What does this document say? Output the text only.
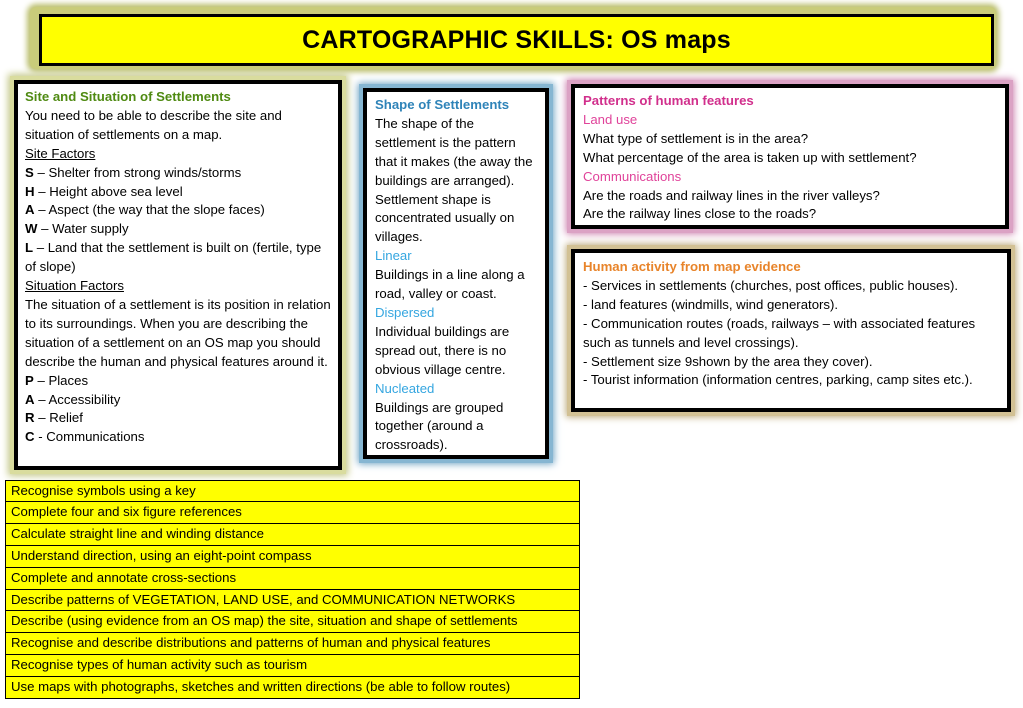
CARTOGRAPHIC SKILLS: OS maps

Site and Situation of Settlements

You need to be able to describe the site and situation of settlements on a map.

Site Factors

S – Shelter from strong winds/storms

H – Height above sea level

A – Aspect (the way that the slope faces)

W – Water supply

L – Land that the settlement is built on (fertile, type of slope)

Situation Factors

The situation of a settlement is its position in relation to its surroundings. When you are describing the situation of a settlement on an OS map you should describe the human and physical features around it.

P – Places

A – Accessibility

R – Relief

C - Communications

Shape of Settlements

The shape of the settlement is the pattern that it makes (the away the buildings are arranged). Settlement shape is concentrated usually on villages.

Linear

Buildings in a line along a road, valley or coast.

Dispersed

Individual buildings are spread out, there is no obvious village centre.

Nucleated

Buildings are grouped together (around a crossroads).

Patterns of human features

Land use

What type of settlement is in the area?

What percentage of the area is taken up with settlement?

Communications

Are the roads and railway lines in the river valleys?

Are the railway lines close to the roads?

Human activity from map evidence

- Services in settlements (churches, post offices, public houses).

- land features (windmills, wind generators).

- Communication routes (roads, railways – with associated features such as tunnels and level crossings).

- Settlement size 9shown by the area they cover).

- Tourist information (information centres, parking, camp sites etc.).

Recognise symbols using a key
Complete four and six figure references
Calculate straight line and winding distance
Understand direction, using an eight-point compass
Complete and annotate cross-sections
Describe patterns of VEGETATION, LAND USE, and COMMUNICATION NETWORKS
Describe (using evidence from an OS map) the site, situation and shape of settlements
Recognise and describe distributions and patterns of human and physical features
Recognise types of human activity such as tourism
Use maps with photographs, sketches and written directions (be able to follow routes)
